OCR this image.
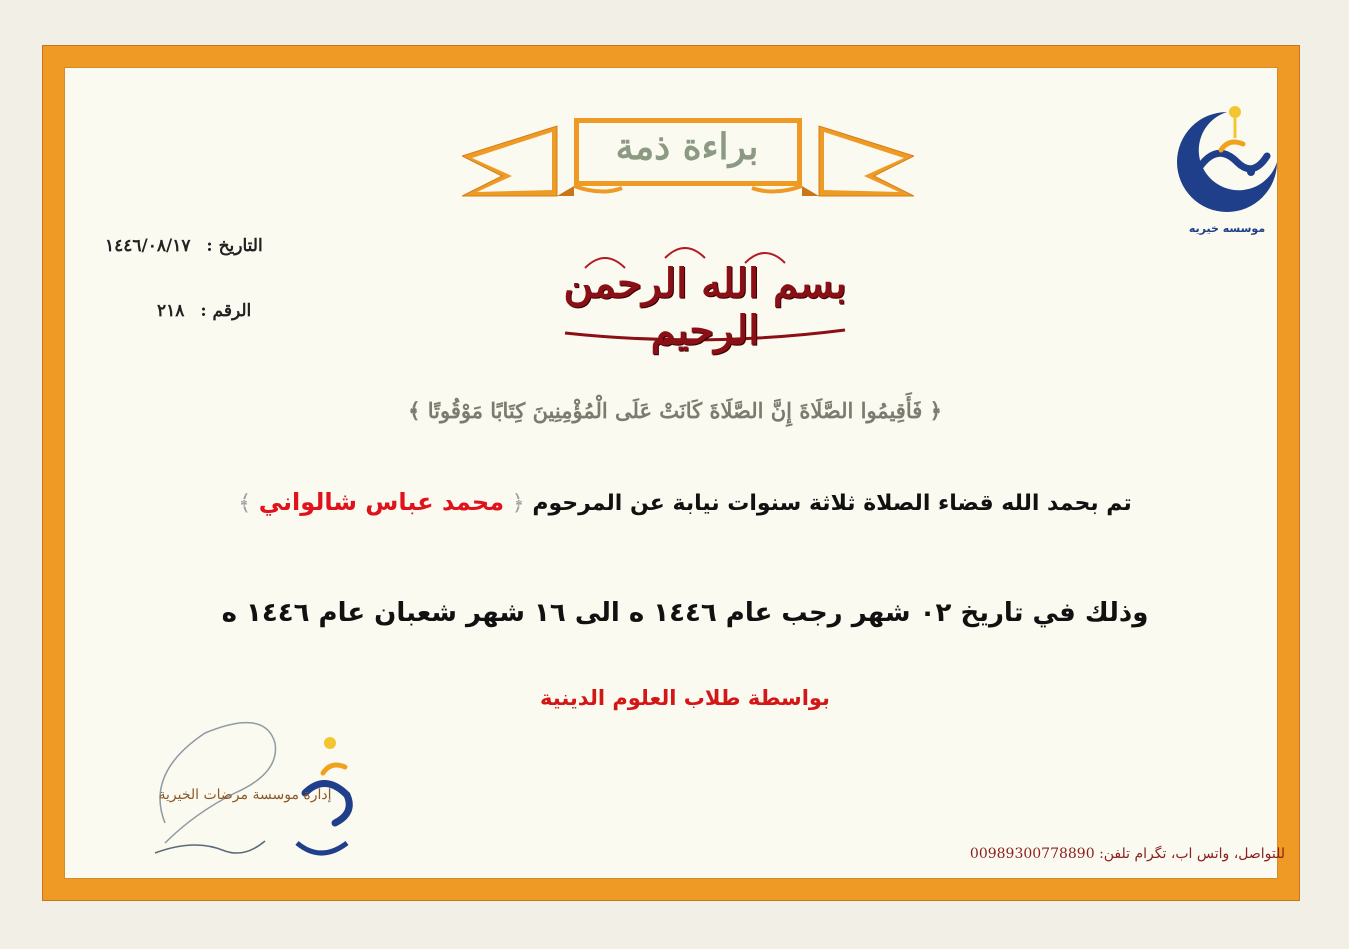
براءة ذمة
موسسه خيريه
التاريخ : ١٤٤٦/٠٨/١٧
الرقم : ٢١٨
بسم الله الرحمن الرحيم
﴿ فَأَقِيمُوا الصَّلَاةَ إِنَّ الصَّلَاةَ كَانَتْ عَلَى الْمُؤْمِنِينَ كِتَابًا مَوْقُوتًا ﴾
تم بحمد الله قضاء الصلاة ثلاثة سنوات نيابة عن المرحوم ﴿ محمد عباس شالواني ﴾
وذلك في تاريخ ٠٢ شهر رجب عام ١٤٤٦ ه الى ١٦ شهر شعبان عام ١٤٤٦ ه
بواسطة طلاب العلوم الدينية
إدارة موسسة مرضات الخيرية
للتواصل، واتس اب، تگرام تلفن: 00989300778890
